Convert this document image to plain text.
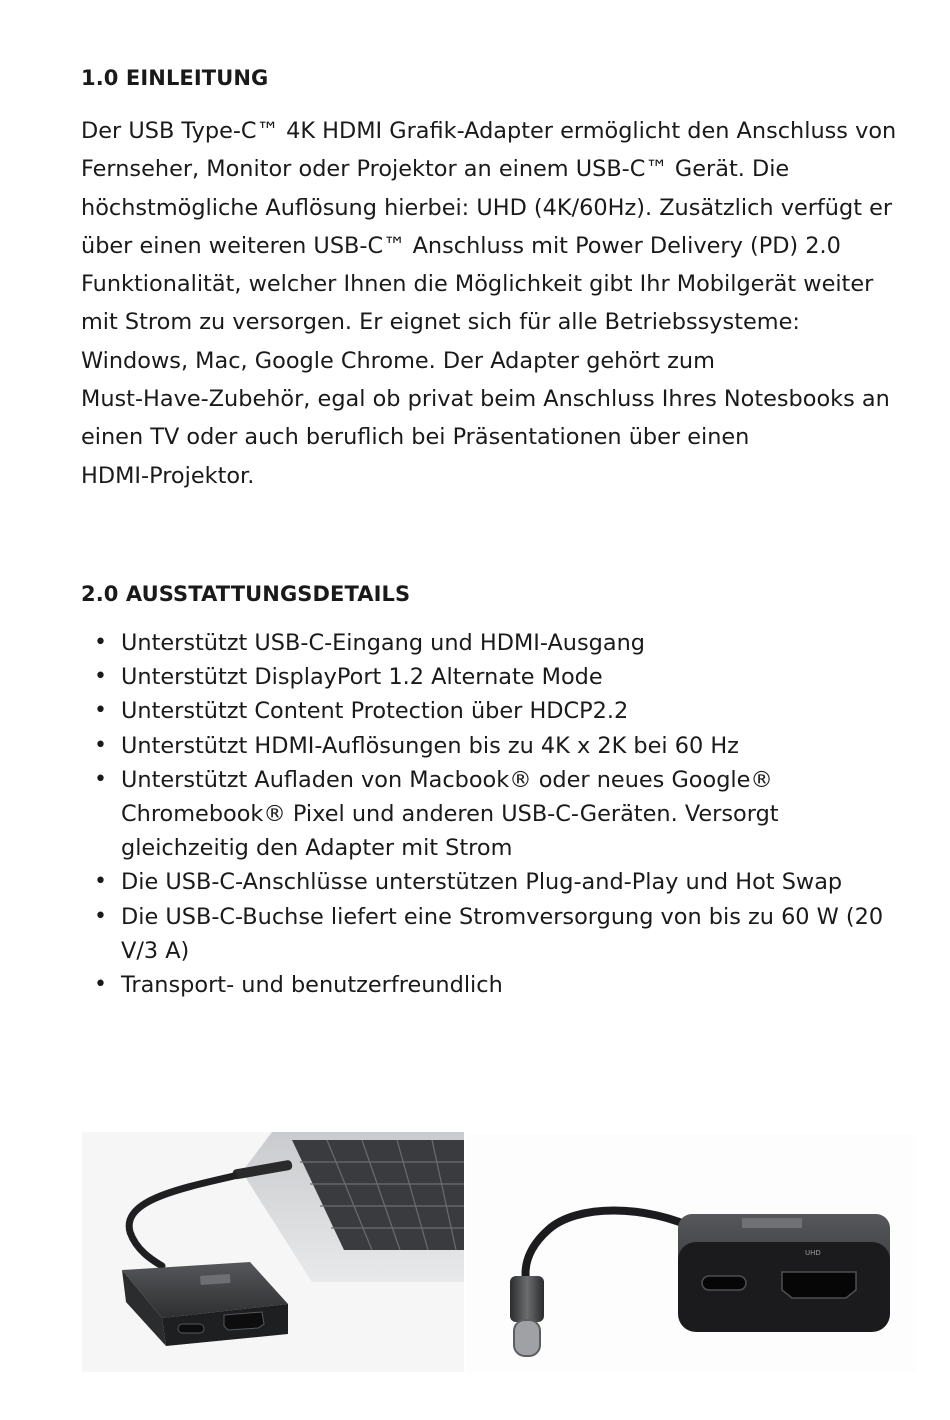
1.0 EINLEITUNG

Der USB Type-C™ 4K HDMI Grafik-Adapter ermöglicht den Anschluss von
Fernseher, Monitor oder Projektor an einem USB-C™ Gerät. Die
höchstmögliche Auflösung hierbei: UHD (4K/60Hz). Zusätzlich verfügt er
über einen weiteren USB-C™ Anschluss mit Power Delivery (PD) 2.0
Funktionalität, welcher Ihnen die Möglichkeit gibt Ihr Mobilgerät weiter
mit Strom zu versorgen. Er eignet sich für alle Betriebssysteme:
Windows, Mac, Google Chrome. Der Adapter gehört zum
Must-Have-Zubehör, egal ob privat beim Anschluss Ihres Notesbooks an
einen TV oder auch beruflich bei Präsentationen über einen
HDMI-Projektor.

2.0 AUSSTATTUNGSDETAILS
• Unterstützt USB-C-Eingang und HDMI-Ausgang
• Unterstützt DisplayPort 1.2 Alternate Mode
• Unterstützt Content Protection über HDCP2.2
• Unterstützt HDMI-Auflösungen bis zu 4K x 2K bei 60 Hz
• Unterstützt Aufladen von Macbook® oder neues Google®
Chromebook® Pixel und anderen USB-C-Geräten. Versorgt
gleichzeitig den Adapter mit Strom
• Die USB-C-Anschlüsse unterstützen Plug-and-Play und Hot Swap
• Die USB-C-Buchse liefert eine Stromversorgung von bis zu 60 W (20
V/3 A)
• Transport- und benutzerfreundlich
UHD
